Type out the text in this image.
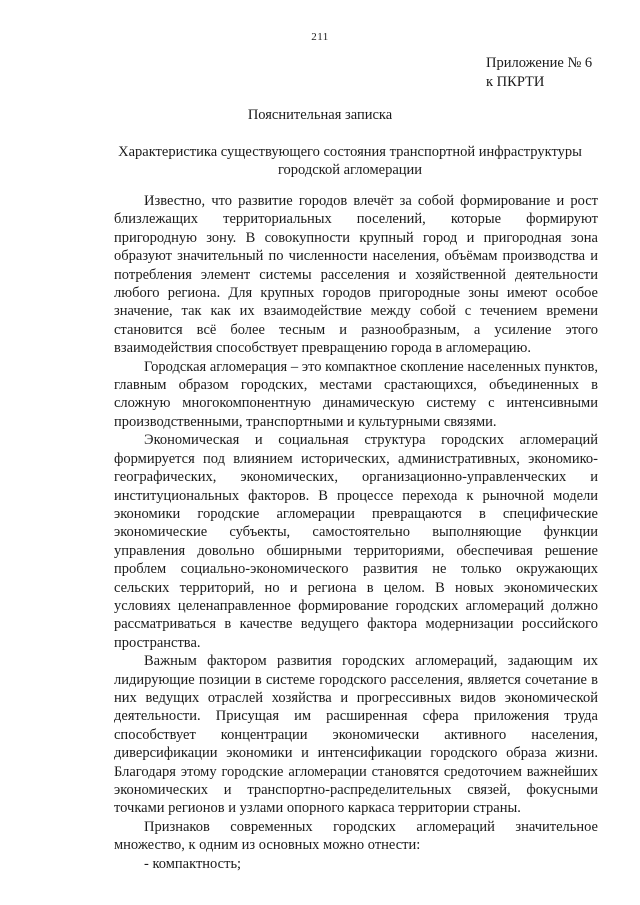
211
Приложение № 6
к ПКРТИ
Пояснительная записка
Характеристика существующего состояния транспортной инфраструктуры городской агломерации

Известно, что развитие городов влечёт за собой формирование и рост близлежащих территориальных поселений, которые формируют пригородную зону. В совокупности крупный город и пригородная зона образуют значительный по численности населения, объёмам производства и потребления элемент системы расселения и хозяйственной деятельности любого региона. Для крупных городов пригородные зоны имеют особое значение, так как их взаимодействие между собой с течением времени становится всё более тесным и разнообразным, а усиление этого взаимодействия способствует превращению города в агломерацию.

Городская агломерация – это компактное скопление населенных пунктов, главным образом городских, местами срастающихся, объединенных в сложную многокомпонентную динамическую систему с интенсивными производственными, транспортными и культурными связями.

Экономическая и социальная структура городских агломераций формируется под влиянием исторических, административных, экономико-географических, экономических, организационно-управленческих и институциональных факторов. В процессе перехода к рыночной модели экономики городские агломерации превращаются в специфические экономические субъекты, самостоятельно выполняющие функции управления довольно обширными территориями, обеспечивая решение проблем социально-экономического развития не только окружающих сельских территорий, но и региона в целом. В новых экономических условиях целенаправленное формирование городских агломераций должно рассматриваться в качестве ведущего фактора модернизации российского пространства.

Важным фактором развития городских агломераций, задающим их лидирующие позиции в системе городского расселения, является сочетание в них ведущих отраслей хозяйства и прогрессивных видов экономической деятельности. Присущая им расширенная сфера приложения труда способствует концентрации экономически активного населения, диверсификации экономики и интенсификации городского образа жизни. Благодаря этому городские агломерации становятся средоточием важнейших экономических и транспортно-распределительных связей, фокусными точками регионов и узлами опорного каркаса территории страны.

Признаков современных городских агломераций значительное множество, к одним из основных можно отнести:

- компактность;
